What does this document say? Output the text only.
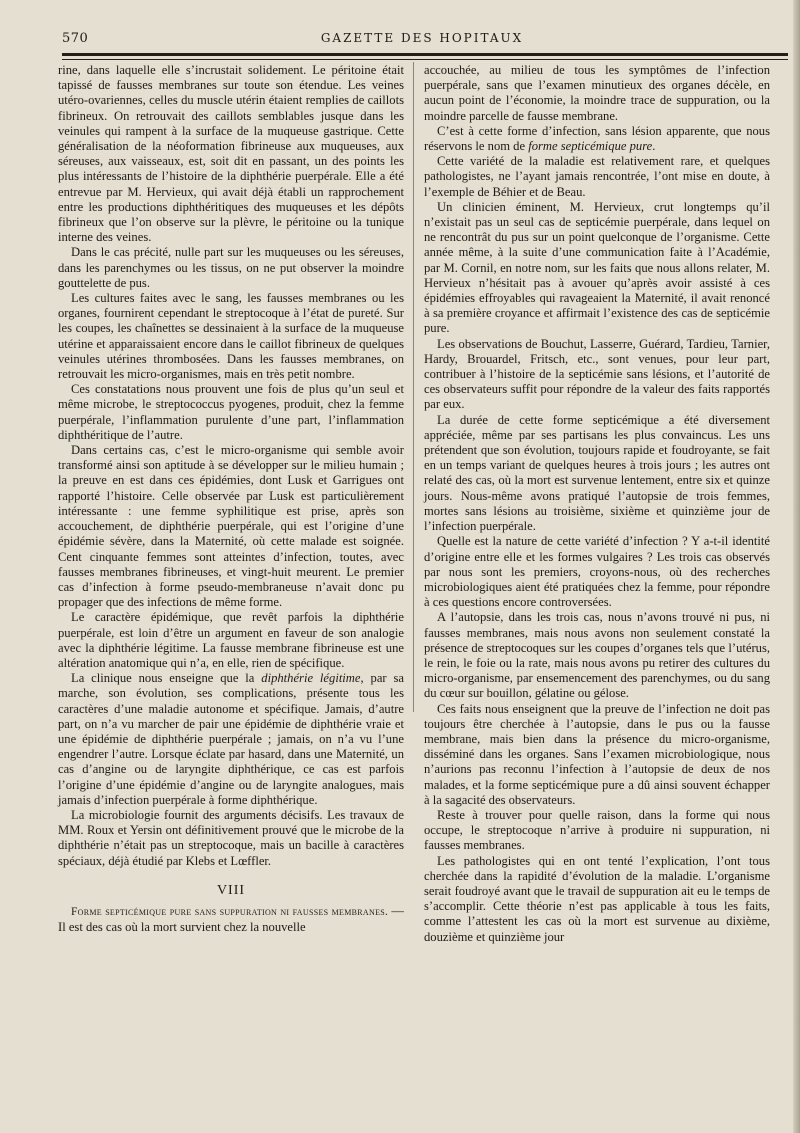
570	GAZETTE DES HOPITAUX

rine, dans laquelle elle s’incrustait solidement. Le péritoine était tapissé de fausses membranes sur toute son étendue. Les veines utéro-ovariennes, celles du muscle utérin étaient remplies de caillots fibrineux. On retrouvait des caillots semblables jusque dans les veinules qui rampent à la surface de la muqueuse gastrique. Cette généralisation de la néoformation fibrineuse aux muqueuses, aux séreuses, aux vaisseaux, est, soit dit en passant, un des points les plus intéressants de l’histoire de la diphthérie puerpérale. Elle a été entrevue par M. Hervieux, qui avait déjà établi un rapprochement entre les productions diphthéritiques des muqueuses et les dépôts fibrineux que l’on observe sur la plèvre, le péritoine ou la tunique interne des veines.

Dans le cas précité, nulle part sur les muqueuses ou les séreuses, dans les parenchymes ou les tissus, on ne put observer la moindre gouttelette de pus.

Les cultures faites avec le sang, les fausses membranes ou les organes, fournirent cependant le streptocoque à l’état de pureté. Sur les coupes, les chaînettes se dessinaient à la surface de la muqueuse utérine et apparaissaient encore dans le caillot fibrineux de quelques veinules utérines thrombosées. Dans les fausses membranes, on retrouvait les micro-organismes, mais en très petit nombre.

Ces constatations nous prouvent une fois de plus qu’un seul et même microbe, le streptococcus pyogenes, produit, chez la femme puerpérale, l’inflammation purulente d’une part, l’inflammation diphthéritique de l’autre.

Dans certains cas, c’est le micro-organisme qui semble avoir transformé ainsi son aptitude à se développer sur le milieu humain ; la preuve en est dans ces épidémies, dont Lusk et Garrigues ont rapporté l’histoire. Celle observée par Lusk est particulièrement intéressante : une femme syphilitique est prise, après son accouchement, de diphthérie puerpérale, qui est l’origine d’une épidémie sévère, dans la Maternité, où cette malade est soignée. Cent cinquante femmes sont atteintes d’infection, toutes, avec fausses membranes fibrineuses, et vingt-huit meurent. Le premier cas d’infection à forme pseudo-membraneuse n’avait donc pu propager que des infections de même forme.

Le caractère épidémique, que revêt parfois la diphthérie puerpérale, est loin d’être un argument en faveur de son analogie avec la diphthérie légitime. La fausse membrane fibrineuse est une altération anatomique qui n’a, en elle, rien de spécifique.

La clinique nous enseigne que la diphthérie légitime, par sa marche, son évolution, ses complications, présente tous les caractères d’une maladie autonome et spécifique. Jamais, d’autre part, on n’a vu marcher de pair une épidémie de diphthérie vraie et une épidémie de diphthérie puerpérale ; jamais, on n’a vu l’une engendrer l’autre. Lorsque éclate par hasard, dans une Maternité, un cas d’angine ou de laryngite diphthérique, ce cas est parfois l’origine d’une épidémie d’angine ou de laryngite analogues, mais jamais d’infection puerpérale à forme diphthérique.

La microbiologie fournit des arguments décisifs. Les travaux de MM. Roux et Yersin ont définitivement prouvé que le microbe de la diphthérie n’était pas un streptocoque, mais un bacille à caractères spéciaux, déjà étudié par Klebs et Lœffler.

VIII

Forme septicémique pure sans suppuration ni fausses membranes. — Il est des cas où la mort survient chez la nouvelle

accouchée, au milieu de tous les symptômes de l’infection puerpérale, sans que l’examen minutieux des organes décèle, en aucun point de l’économie, la moindre trace de suppuration, ou la moindre parcelle de fausse membrane.

C’est à cette forme d’infection, sans lésion apparente, que nous réservons le nom de forme septicémique pure.

Cette variété de la maladie est relativement rare, et quelques pathologistes, ne l’ayant jamais rencontrée, l’ont mise en doute, à l’exemple de Béhier et de Beau.

Un clinicien éminent, M. Hervieux, crut longtemps qu’il n’existait pas un seul cas de septicémie puerpérale, dans lequel on ne rencontrât du pus sur un point quelconque de l’organisme. Cette année même, à la suite d’une communication faite à l’Académie, par M. Cornil, en notre nom, sur les faits que nous allons relater, M. Hervieux n’hésitait pas à avouer qu’après avoir assisté à ces épidémies effroyables qui ravageaient la Maternité, il avait renoncé à sa première croyance et affirmait l’existence des cas de septicémie pure.

Les observations de Bouchut, Lasserre, Guérard, Tardieu, Tarnier, Hardy, Brouardel, Fritsch, etc., sont venues, pour leur part, contribuer à l’histoire de la septicémie sans lésions, et l’autorité de ces observateurs suffit pour répondre de la valeur des faits rapportés par eux.

La durée de cette forme septicémique a été diversement appréciée, même par ses partisans les plus convaincus. Les uns prétendent que son évolution, toujours rapide et foudroyante, se fait en un temps variant de quelques heures à trois jours ; les autres ont relaté des cas, où la mort est survenue lentement, entre six et quinze jours. Nous-même avons pratiqué l’autopsie de trois femmes, mortes sans lésions au troisième, sixième et quinzième jour de l’infection puerpérale.

Quelle est la nature de cette variété d’infection ? Y a-t-il identité d’origine entre elle et les formes vulgaires ? Les trois cas observés par nous sont les premiers, croyons-nous, où des recherches microbiologiques aient été pratiquées chez la femme, pour répondre à ces questions encore controversées.

A l’autopsie, dans les trois cas, nous n’avons trouvé ni pus, ni fausses membranes, mais nous avons non seulement constaté la présence de streptocoques sur les coupes d’organes tels que l’utérus, le rein, le foie ou la rate, mais nous avons pu retirer des cultures du micro-organisme, par ensemencement des parenchymes, ou du sang du cœur sur bouillon, gélatine ou gélose.

Ces faits nous enseignent que la preuve de l’infection ne doit pas toujours être cherchée à l’autopsie, dans le pus ou la fausse membrane, mais bien dans la présence du micro-organisme, disséminé dans les organes. Sans l’examen microbiologique, nous n’aurions pas reconnu l’infection à l’autopsie de deux de nos malades, et la forme septicémique pure a dû ainsi souvent échapper à la sagacité des observateurs.

Reste à trouver pour quelle raison, dans la forme qui nous occupe, le streptocoque n’arrive à produire ni suppuration, ni fausses membranes.

Les pathologistes qui en ont tenté l’explication, l’ont tous cherchée dans la rapidité d’évolution de la maladie. L’organisme serait foudroyé avant que le travail de suppuration ait eu le temps de s’accomplir. Cette théorie n’est pas applicable à tous les faits, comme l’attestent les cas où la mort est survenue au dixième, douzième et quinzième jour
